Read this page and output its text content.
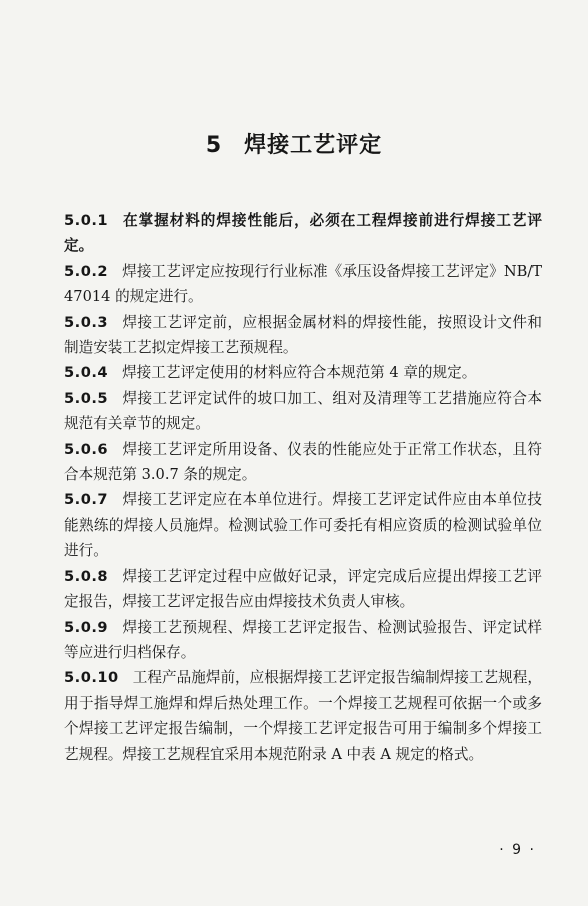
5 焊接工艺评定

5.0.1 在掌握材料的焊接性能后，必须在工程焊接前进行焊接工艺评定。

5.0.2 焊接工艺评定应按现行行业标准《承压设备焊接工艺评定》NB/T 47014 的规定进行。

5.0.3 焊接工艺评定前，应根据金属材料的焊接性能，按照设计文件和制造安装工艺拟定焊接工艺预规程。

5.0.4 焊接工艺评定使用的材料应符合本规范第 4 章的规定。

5.0.5 焊接工艺评定试件的坡口加工、组对及清理等工艺措施应符合本规范有关章节的规定。

5.0.6 焊接工艺评定所用设备、仪表的性能应处于正常工作状态，且符合本规范第 3.0.7 条的规定。

5.0.7 焊接工艺评定应在本单位进行。焊接工艺评定试件应由本单位技能熟练的焊接人员施焊。检测试验工作可委托有相应资质的检测试验单位进行。

5.0.8 焊接工艺评定过程中应做好记录，评定完成后应提出焊接工艺评定报告，焊接工艺评定报告应由焊接技术负责人审核。

5.0.9 焊接工艺预规程、焊接工艺评定报告、检测试验报告、评定试样等应进行归档保存。

5.0.10 工程产品施焊前，应根据焊接工艺评定报告编制焊接工艺规程，用于指导焊工施焊和焊后热处理工作。一个焊接工艺规程可依据一个或多个焊接工艺评定报告编制，一个焊接工艺评定报告可用于编制多个焊接工艺规程。焊接工艺规程宜采用本规范附录 A 中表 A 规定的格式。

· 9 ·
